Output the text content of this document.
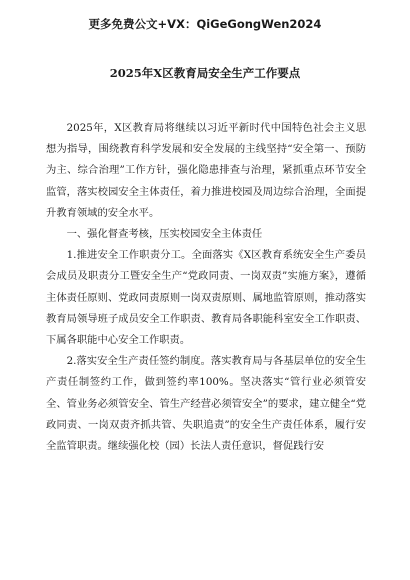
更多免费公文+VX：QiGeGongWen2024
2025年X区教育局安全生产工作要点

2025年，X区教育局将继续以习近平新时代中国特色社会主义思想为指导，围绕教育科学发展和安全发展的主线坚持“安全第一、预防为主、综合治理”工作方针，强化隐患排查与治理，紧抓重点环节安全监管，落实校园安全主体责任，着力推进校园及周边综合治理，全面提升教育领域的安全水平。

一、强化督查考核，压实校园安全主体责任

1.推进安全工作职责分工。全面落实《X区教育系统安全生产委员会成员及职责分工暨安全生产“党政同责、一岗双责”实施方案》，遵循主体责任原则、党政同责原则一岗双责原则、属地监管原则，推动落实教育局领导班子成员安全工作职责、教育局各职能科室安全工作职责、下属各职能中心安全工作职责。

2.落实安全生产责任签约制度。落实教育局与各基层单位的安全生产责任制签约工作，做到签约率100%。坚决落实“管行业必须管安全、管业务必须管安全、管生产经营必须管安全”的要求，建立健全“党政同责、一岗双责齐抓共管、失职追责”的安全生产责任体系，履行安全监管职责。继续强化校（园）长法人责任意识，督促践行安
